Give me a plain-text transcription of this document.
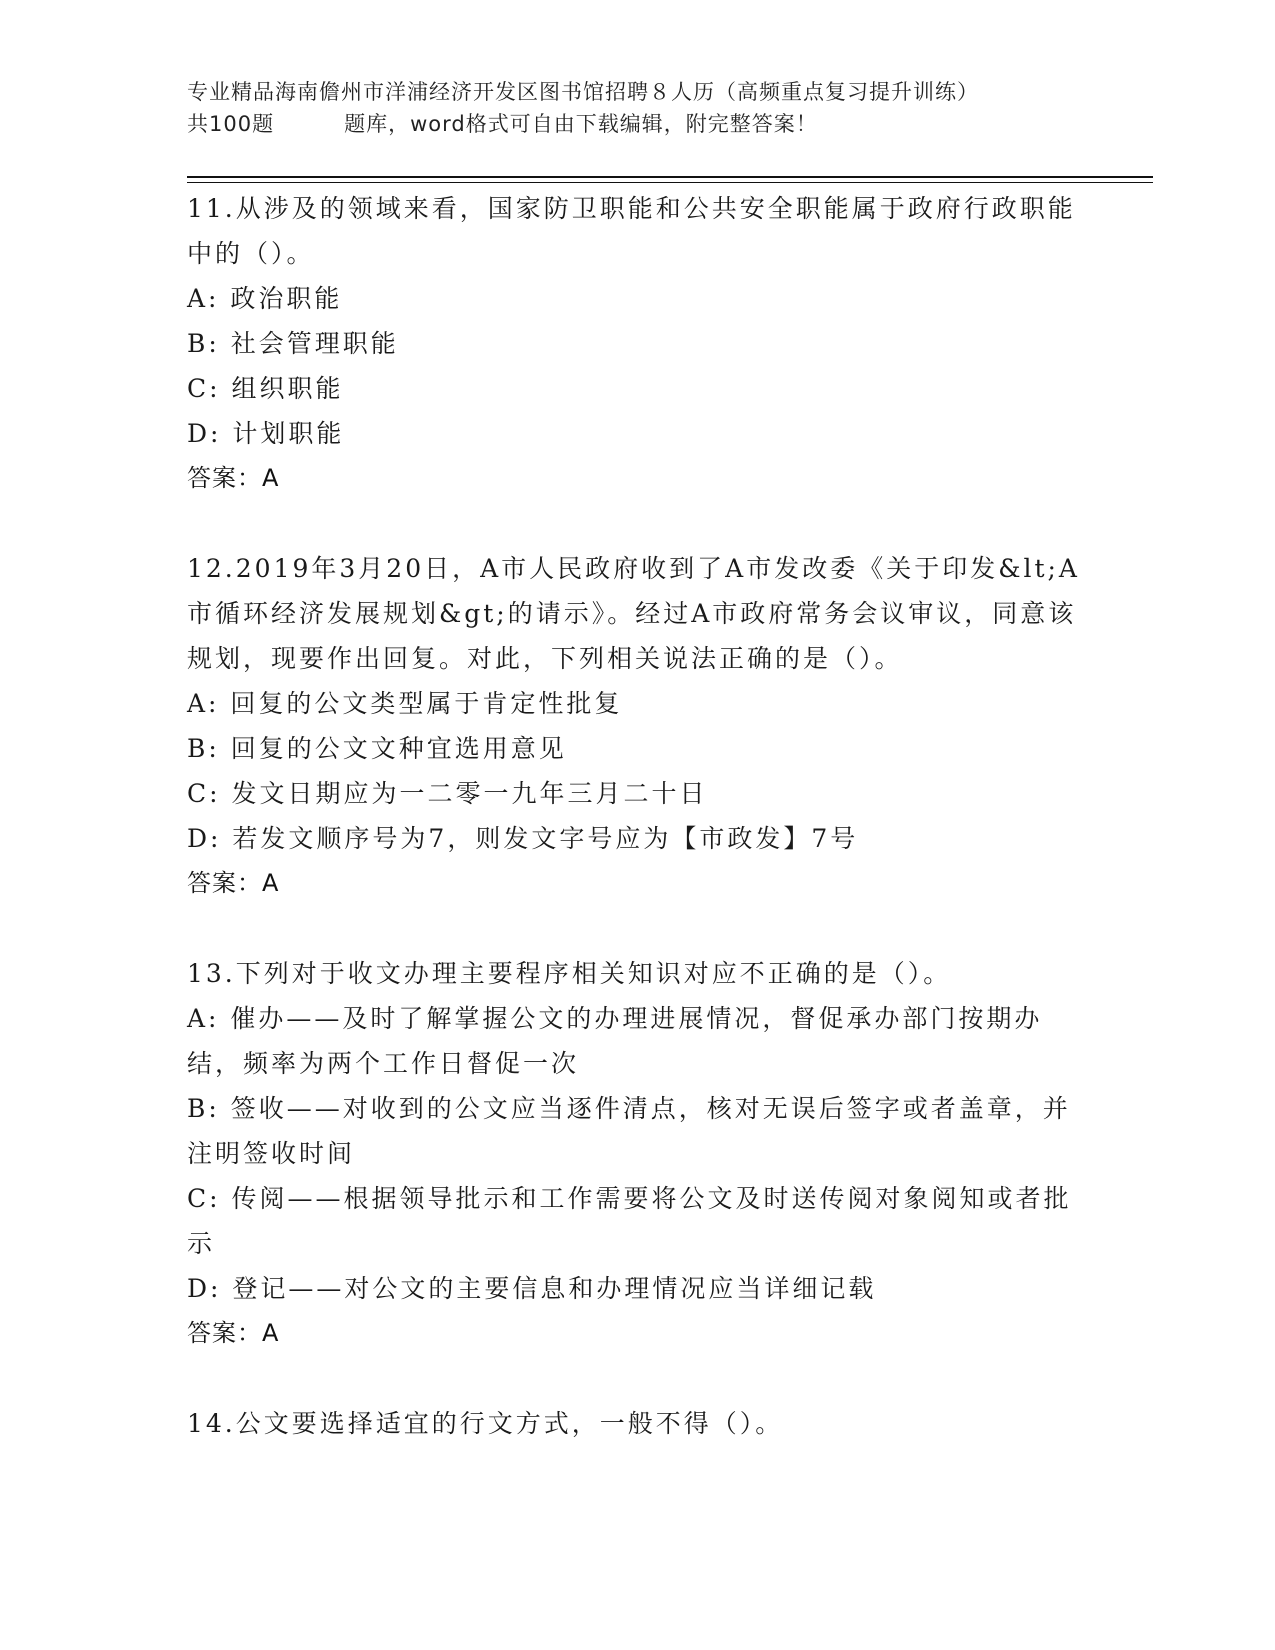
专业精品海南儋州市洋浦经济开发区图书馆招聘８人历（高频重点复习提升训练）
共100题	题库，word格式可自由下载编辑，附完整答案！
11.从涉及的领域来看，国家防卫职能和公共安全职能属于政府行政职能中的（）。
A: 政治职能
B: 社会管理职能
C: 组织职能
D: 计划职能
答案：A
12.2019年3月20日，A市人民政府收到了A市发改委《关于印发&lt;A市循环经济发展规划&gt;的请示》。经过A市政府常务会议审议，同意该规划，现要作出回复。对此，下列相关说法正确的是（）。
A: 回复的公文类型属于肯定性批复
B: 回复的公文文种宜选用意见
C: 发文日期应为一二零一九年三月二十日
D: 若发文顺序号为7，则发文字号应为【市政发】7号
答案：A
13.下列对于收文办理主要程序相关知识对应不正确的是（）。
A: 催办——及时了解掌握公文的办理进展情况，督促承办部门按期办结，频率为两个工作日督促一次
B: 签收——对收到的公文应当逐件清点，核对无误后签字或者盖章，并注明签收时间
C: 传阅——根据领导批示和工作需要将公文及时送传阅对象阅知或者批示
D: 登记——对公文的主要信息和办理情况应当详细记载
答案：A
14.公文要选择适宜的行文方式，一般不得（）。
